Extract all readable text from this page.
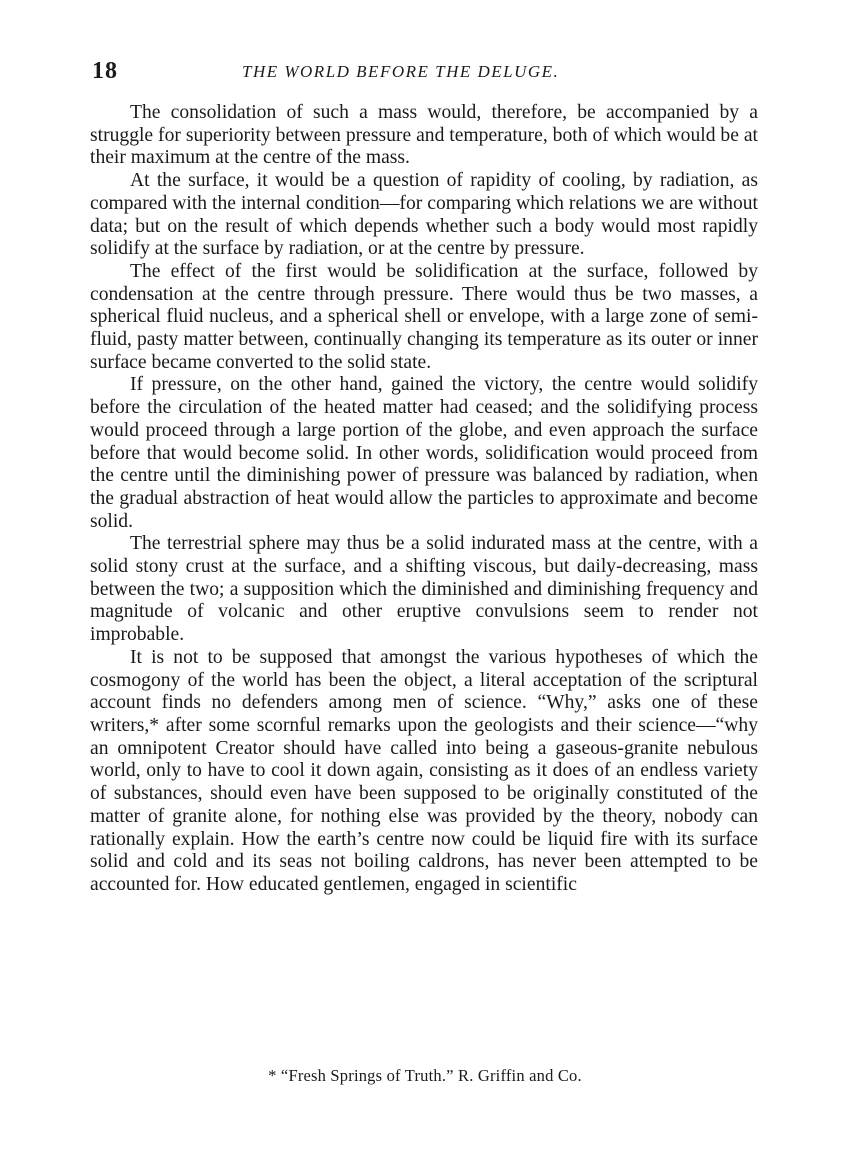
18	THE WORLD BEFORE THE DELUGE.

The consolidation of such a mass would, therefore, be accompanied by a struggle for superiority between pressure and temperature, both of which would be at their maximum at the centre of the mass.

At the surface, it would be a question of rapidity of cooling, by radiation, as compared with the internal condition—for comparing which relations we are without data; but on the result of which depends whether such a body would most rapidly solidify at the surface by radiation, or at the centre by pressure.

The effect of the first would be solidification at the surface, followed by condensation at the centre through pressure. There would thus be two masses, a spherical fluid nucleus, and a spherical shell or envelope, with a large zone of semi-fluid, pasty matter between, continually changing its temperature as its outer or inner surface became converted to the solid state.

If pressure, on the other hand, gained the victory, the centre would solidify before the circulation of the heated matter had ceased; and the solidifying process would proceed through a large portion of the globe, and even approach the surface before that would become solid. In other words, solidification would proceed from the centre until the diminishing power of pressure was balanced by radiation, when the gradual abstraction of heat would allow the particles to approximate and become solid.

The terrestrial sphere may thus be a solid indurated mass at the centre, with a solid stony crust at the surface, and a shifting viscous, but daily-decreasing, mass between the two; a supposition which the diminished and diminishing frequency and magnitude of volcanic and other eruptive convulsions seem to render not improbable.

It is not to be supposed that amongst the various hypotheses of which the cosmogony of the world has been the object, a literal acceptation of the scriptural account finds no defenders among men of science. “Why,” asks one of these writers,* after some scornful remarks upon the geologists and their science—“why an omnipotent Creator should have called into being a gaseous-granite nebulous world, only to have to cool it down again, consisting as it does of an endless variety of substances, should even have been supposed to be originally constituted of the matter of granite alone, for nothing else was provided by the theory, nobody can rationally explain. How the earth’s centre now could be liquid fire with its surface solid and cold and its seas not boiling caldrons, has never been attempted to be accounted for. How educated gentlemen, engaged in scientific

* “Fresh Springs of Truth.” R. Griffin and Co.
